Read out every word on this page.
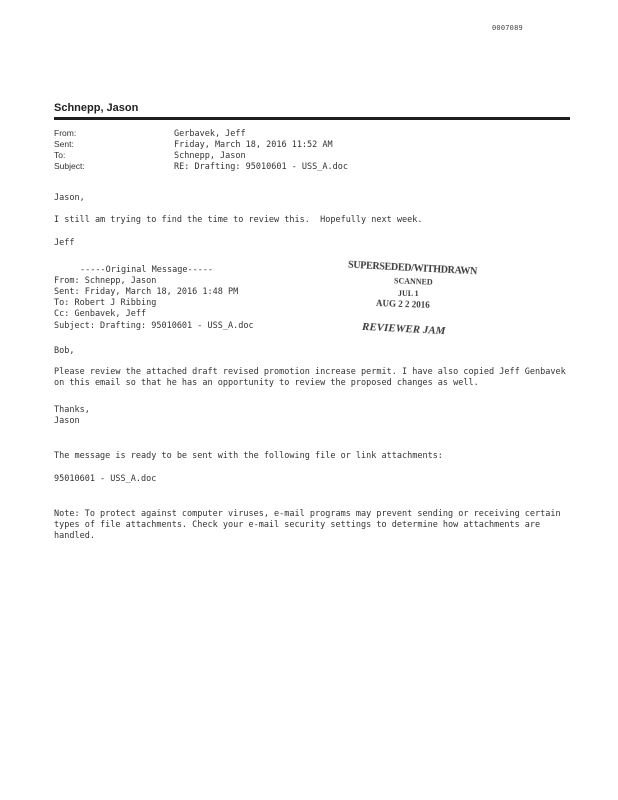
0007089
Schnepp, Jason
From:	Gerbavek, Jeff
Sent:	Friday, March 18, 2016 11:52 AM
To:	Schnepp, Jason
Subject:	RE: Drafting: 95010601 - USS_A.doc
Jason,
I still am trying to find the time to review this.  Hopefully next week.
Jeff
-----Original Message-----
From: Schnepp, Jason
Sent: Friday, March 18, 2016 1:48 PM
To: Robert J Ribbing
Cc: Genbavek, Jeff
Subject: Drafting: 95010601 - USS_A.doc
SUPERSEDED/WITHDRAWN
SCANNED
JUL 1
AUG 2 2 2016
REVIEWER JAM
Bob,
Please review the attached draft revised promotion increase permit. I have also copied Jeff Genbavek on this email so that he has an opportunity to review the proposed changes as well.
Thanks,
Jason
The message is ready to be sent with the following file or link attachments:
95010601 - USS_A.doc
Note: To protect against computer viruses, e-mail programs may prevent sending or receiving certain types of file attachments. Check your e-mail security settings to determine how attachments are handled.
